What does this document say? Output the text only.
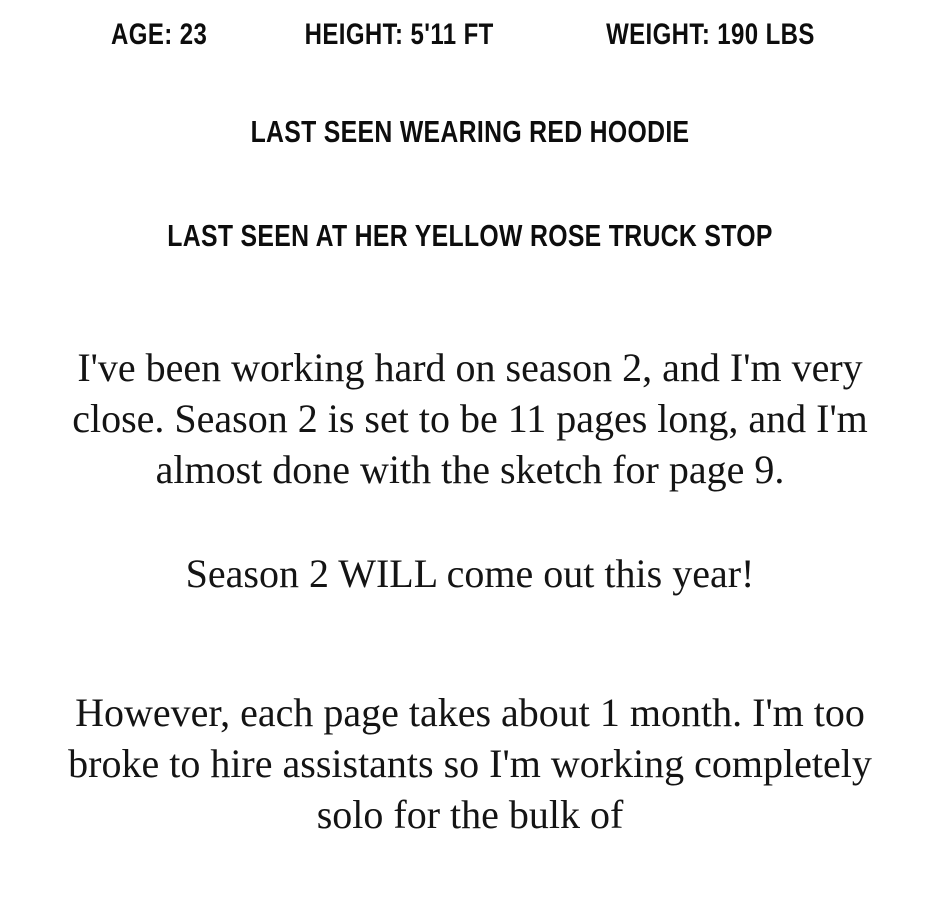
AGE: 23	HEIGHT: 5'11 FT	WEIGHT: 190 LBS
LAST SEEN WEARING RED HOODIE
LAST SEEN AT HER YELLOW ROSE TRUCK STOP

I've been working hard on season 2, and I'm very close. Season 2 is set to be 11 pages long, and I'm almost done with the sketch for page 9.

Season 2 WILL come out this year!

However, each page takes about 1 month. I'm too broke to hire assistants so I'm working completely solo for the bulk of
